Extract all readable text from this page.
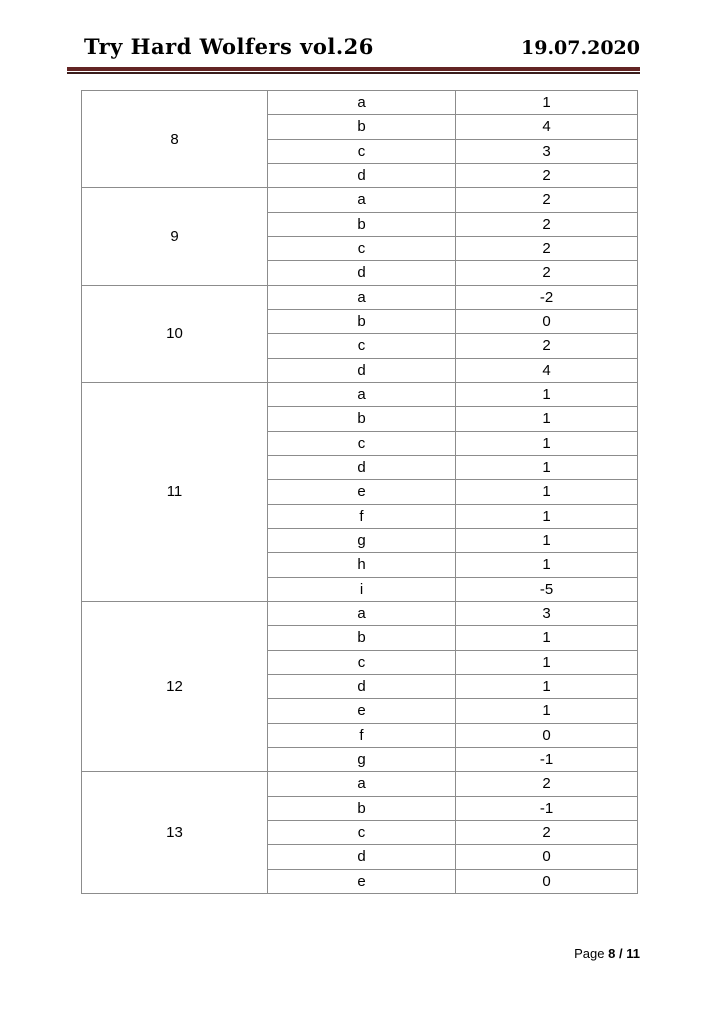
Try Hard Wolfers vol.26	19.07.2020
8	a	1
	b	4
	c	3
	d	2
9	a	2
	b	2
	c	2
	d	2
10	a	-2
	b	0
	c	2
	d	4
11	a	1
	b	1
	c	1
	d	1
	e	1
	f	1
	g	1
	h	1
	i	-5
12	a	3
	b	1
	c	1
	d	1
	e	1
	f	0
	g	-1
13	a	2
	b	-1
	c	2
	d	0
	e	0
Page 8 / 11
